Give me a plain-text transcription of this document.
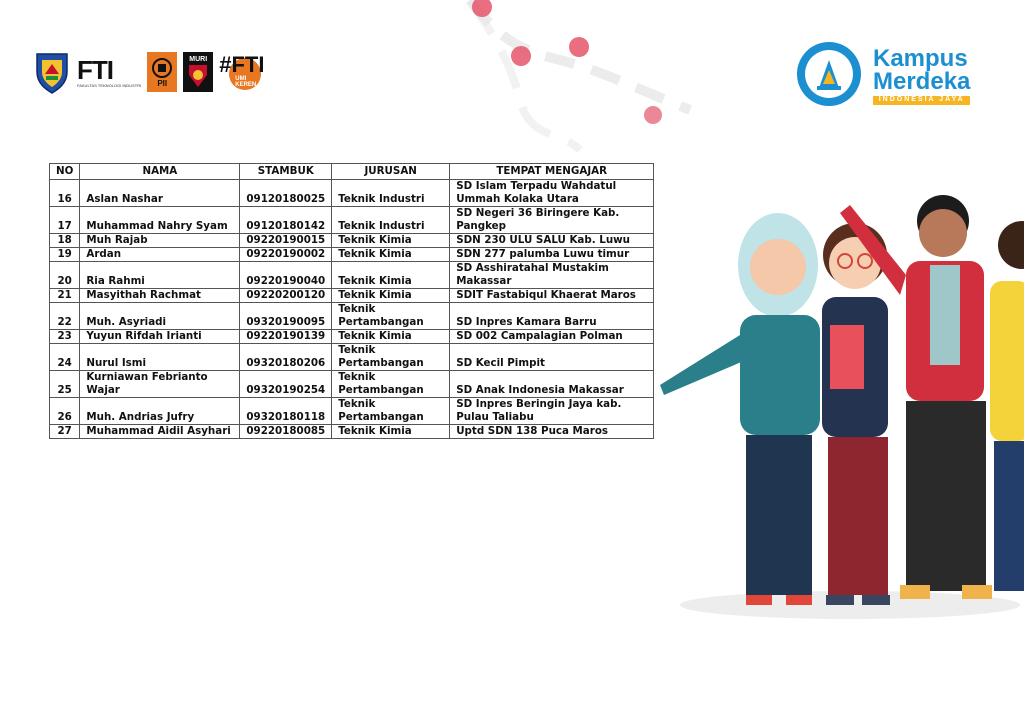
FTI
FAKULTAS TEKNOLOGI INDUSTRI PII
MURI #FTI
UMI KEREN
Kampus
Merdeka
INDONESIA JAYA
NO	NAMA	STAMBUK	JURUSAN	TEMPAT MENGAJAR
16	Aslan Nashar	09120180025	Teknik Industri	SD Islam Terpadu Wahdatul Ummah Kolaka Utara
17	Muhammad Nahry Syam	09120180142	Teknik Industri	SD Negeri 36 Biringere Kab. Pangkep
18	Muh Rajab	09220190015	Teknik Kimia	SDN 230 ULU SALU Kab. Luwu
19	Ardan	09220190002	Teknik Kimia	SDN 277 palumba Luwu timur
20	Ria Rahmi	09220190040	Teknik Kimia	SD Asshiratahal Mustakim Makassar
21	Masyithah Rachmat	09220200120	Teknik Kimia	SDIT Fastabiqul Khaerat Maros
22	Muh. Asyriadi	09320190095	Teknik Pertambangan	SD Inpres Kamara Barru
23	Yuyun Rifdah Irianti	09220190139	Teknik Kimia	SD 002 Campalagian Polman
24	Nurul Ismi	09320180206	Teknik Pertambangan	SD Kecil Pimpit
25	Kurniawan Febrianto Wajar	09320190254	Teknik Pertambangan	SD Anak Indonesia Makassar
26	Muh. Andrias Jufry	09320180118	Teknik Pertambangan	SD Inpres Beringin Jaya kab. Pulau Taliabu
27	Muhammad Aidil Asyhari	09220180085	Teknik Kimia	Uptd SDN 138 Puca Maros
